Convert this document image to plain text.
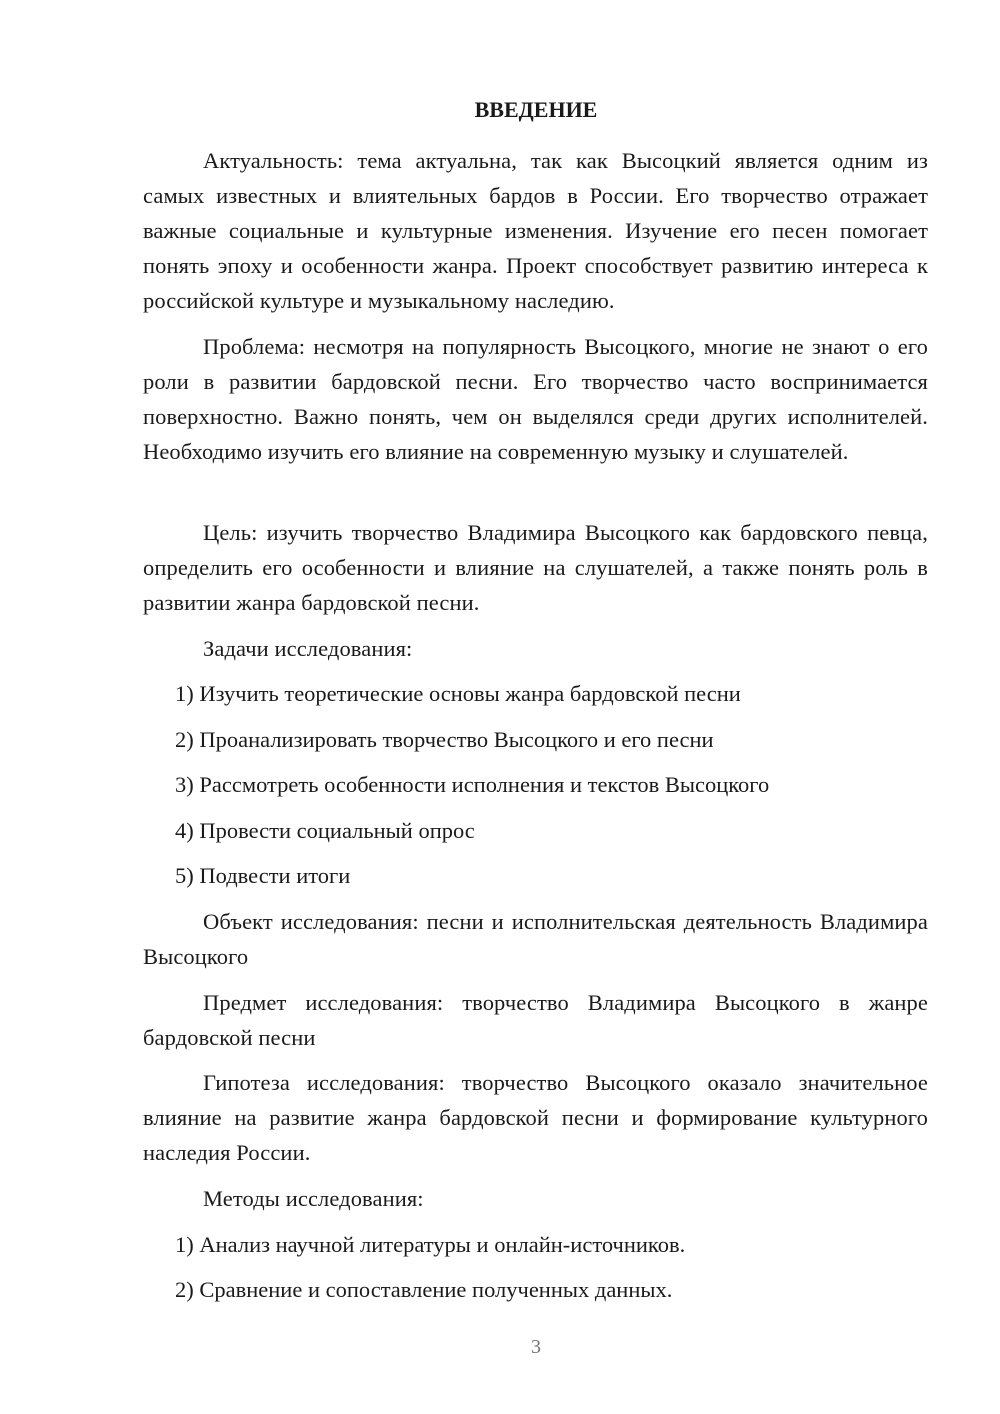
ВВЕДЕНИЕ

Актуальность: тема актуальна, так как Высоцкий является одним из самых известных и влиятельных бардов в России. Его творчество отражает важные социальные и культурные изменения. Изучение его песен помогает понять эпоху и особенности жанра. Проект способствует развитию интереса к российской культуре и музыкальному наследию.

Проблема: несмотря на популярность Высоцкого, многие не знают о его роли в развитии бардовской песни. Его творчество часто воспринимается поверхностно. Важно понять, чем он выделялся среди других исполнителей. Необходимо изучить его влияние на современную музыку и слушателей.

Цель: изучить творчество Владимира Высоцкого как бардовского певца, определить его особенности и влияние на слушателей, а также понять роль в развитии жанра бардовской песни.

Задачи исследования:

1) Изучить теоретические основы жанра бардовской песни

2) Проанализировать творчество Высоцкого и его песни

3) Рассмотреть особенности исполнения и текстов Высоцкого

4) Провести социальный опрос

5) Подвести итоги

Объект исследования: песни и исполнительская деятельность Владимира Высоцкого

Предмет исследования: творчество Владимира Высоцкого в жанре бардовской песни

Гипотеза исследования: творчество Высоцкого оказало значительное влияние на развитие жанра бардовской песни и формирование культурного наследия России.

Методы исследования:

1) Анализ научной литературы и онлайн-источников.

2) Сравнение и сопоставление полученных данных.

3
